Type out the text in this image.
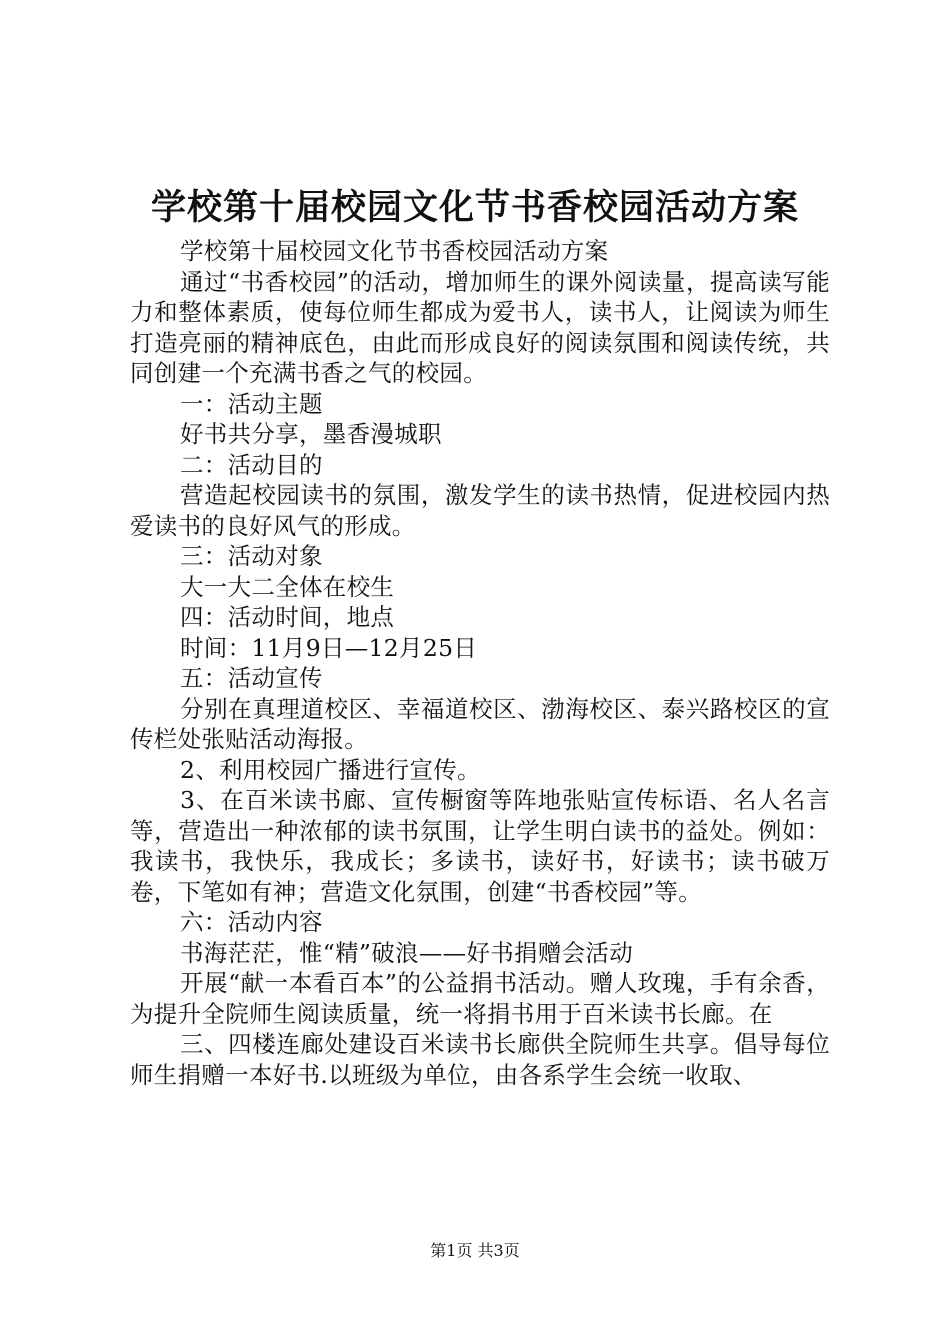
学校第十届校园文化节书香校园活动方案

学校第十届校园文化节书香校园活动方案

通过“书香校园”的活动，增加师生的课外阅读量，提高读写能力和整体素质，使每位师生都成为爱书人，读书人，让阅读为师生打造亮丽的精神底色，由此而形成良好的阅读氛围和阅读传统，共同创建一个充满书香之气的校园。

一：活动主题

好书共分享，墨香漫城职

二：活动目的

营造起校园读书的氛围，激发学生的读书热情，促进校园内热爱读书的良好风气的形成。

三：活动对象

大一大二全体在校生

四：活动时间，地点

时间：11月9日—12月25日

五：活动宣传

分别在真理道校区、幸福道校区、渤海校区、泰兴路校区的宣传栏处张贴活动海报。

2、利用校园广播进行宣传。

3、在百米读书廊、宣传橱窗等阵地张贴宣传标语、名人名言等，营造出一种浓郁的读书氛围，让学生明白读书的益处。例如：我读书，我快乐，我成长；多读书，读好书，好读书；读书破万卷，下笔如有神；营造文化氛围，创建“书香校园”等。

六：活动内容

书海茫茫，惟“精”破浪——好书捐赠会活动

开展“献一本看百本”的公益捐书活动。赠人玫瑰，手有余香，为提升全院师生阅读质量，统一将捐书用于百米读书长廊。在

三、四楼连廊处建设百米读书长廊供全院师生共享。倡导每位师生捐赠一本好书.以班级为单位，由各系学生会统一收取、

第1页 共3页
